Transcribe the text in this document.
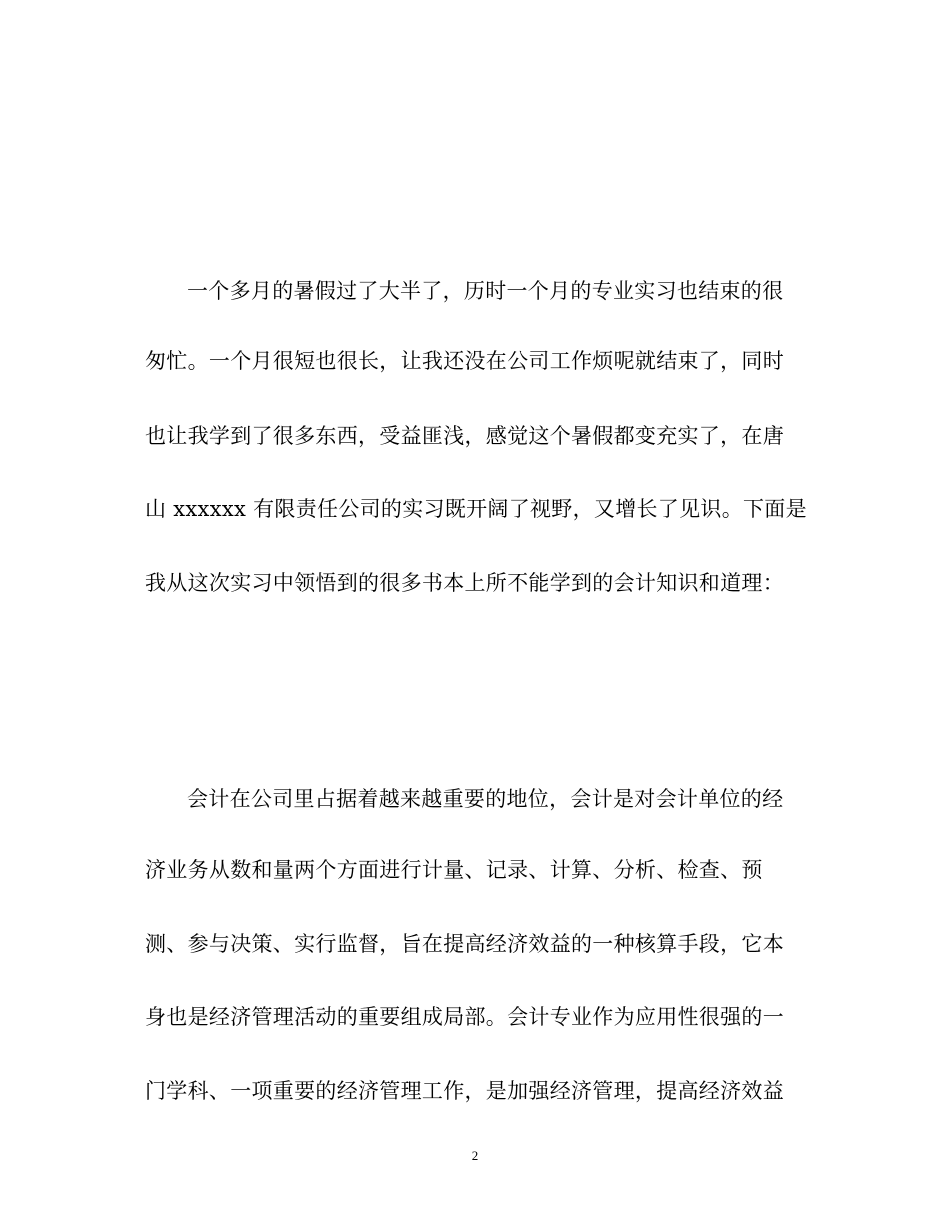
一个多月的暑假过了大半了，历时一个月的专业实习也结束的很
匆忙。一个月很短也很长，让我还没在公司工作烦呢就结束了，同时
也让我学到了很多东西，受益匪浅，感觉这个暑假都变充实了，在唐
山 xxxxxx 有限责任公司的实习既开阔了视野，又增长了见识。下面是
我从这次实习中领悟到的很多书本上所不能学到的会计知识和道理：
会计在公司里占据着越来越重要的地位，会计是对会计单位的经
济业务从数和量两个方面进行计量、记录、计算、分析、检查、预
测、参与决策、实行监督，旨在提高经济效益的一种核算手段，它本
身也是经济管理活动的重要组成局部。会计专业作为应用性很强的一
门学科、一项重要的经济管理工作，是加强经济管理，提高经济效益
2
